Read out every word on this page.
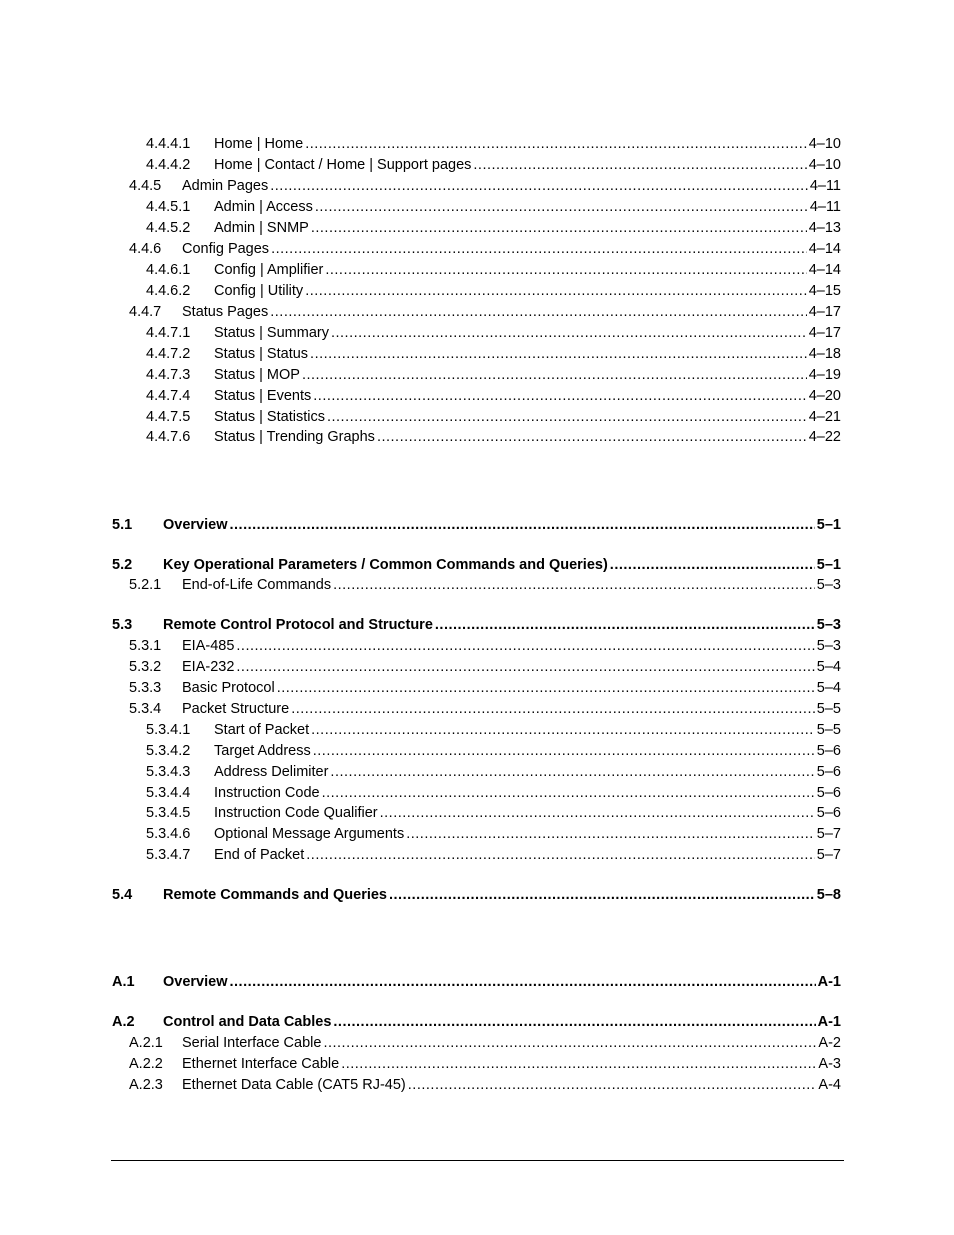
4.4.4.1	Home | Home .....	4–10
4.4.4.2	Home | Contact / Home | Support pages .....	4–10
4.4.5	Admin Pages .....	4–11
4.4.5.1	Admin | Access .....	4–11
4.4.5.2	Admin | SNMP .....	4–13
4.4.6	Config Pages .....	4–14
4.4.6.1	Config | Amplifier .....	4–14
4.4.6.2	Config | Utility .....	4–15
4.4.7	Status Pages .....	4–17
4.4.7.1	Status | Summary .....	4–17
4.4.7.2	Status | Status .....	4–18
4.4.7.3	Status | MOP .....	4–19
4.4.7.4	Status | Events .....	4–20
4.4.7.5	Status | Statistics .....	4–21
4.4.7.6	Status | Trending Graphs .....	4–22
5.1	Overview .....	5–1
5.2	Key Operational Parameters / Common Commands and Queries) .....	5–1
5.2.1	End-of-Life Commands .....	5–3
5.3	Remote Control Protocol and Structure .....	5–3
5.3.1	EIA-485 .....	5–3
5.3.2	EIA-232 .....	5–4
5.3.3	Basic Protocol .....	5–4
5.3.4	Packet Structure .....	5–5
5.3.4.1	Start of Packet .....	5–5
5.3.4.2	Target Address .....	5–6
5.3.4.3	Address Delimiter .....	5–6
5.3.4.4	Instruction Code .....	5–6
5.3.4.5	Instruction Code Qualifier .....	5–6
5.3.4.6	Optional Message Arguments .....	5–7
5.3.4.7	End of Packet .....	5–7
5.4	Remote Commands and Queries .....	5–8
A.1	Overview .....	A-1
A.2	Control and Data Cables .....	A-1
A.2.1	Serial Interface Cable .....	A-2
A.2.2	Ethernet Interface Cable .....	A-3
A.2.3	Ethernet Data Cable (CAT5 RJ-45) .....	A-4
